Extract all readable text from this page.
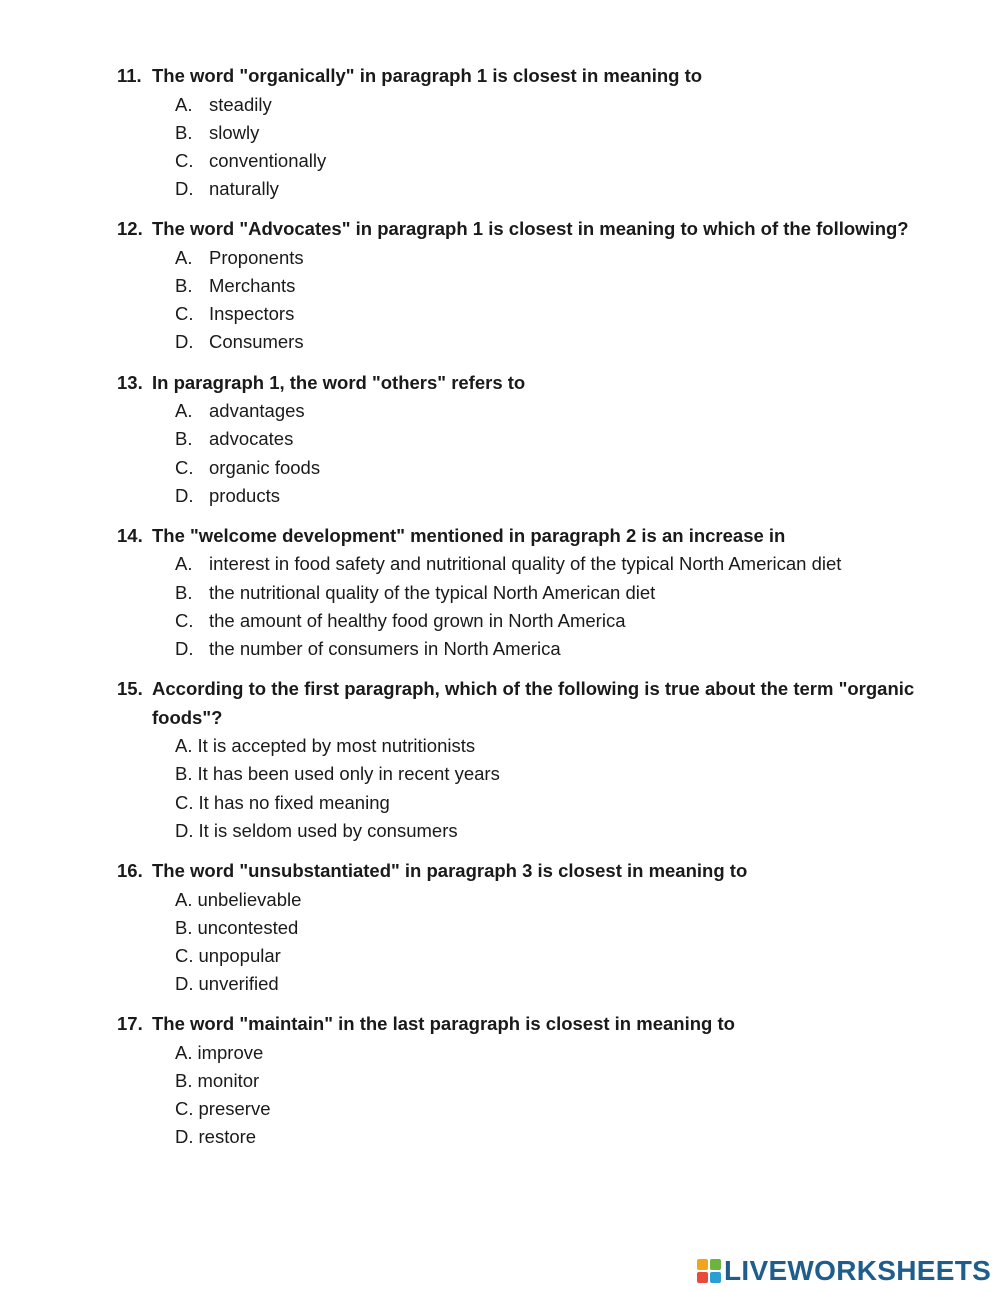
11. The word "organically" in paragraph 1 is closest in meaning to
A. steadily
B. slowly
C. conventionally
D. naturally
12. The word "Advocates" in paragraph 1 is closest in meaning to which of the following?
A. Proponents
B. Merchants
C. Inspectors
D. Consumers
13. In paragraph 1, the word "others" refers to
A. advantages
B. advocates
C. organic foods
D. products
14. The "welcome development" mentioned in paragraph 2 is an increase in
A. interest in food safety and nutritional quality of the typical North American diet
B. the nutritional quality of the typical North American diet
C. the amount of healthy food grown in North America
D. the number of consumers in North America
15. According to the first paragraph, which of the following is true about the term "organic foods"?
A. It is accepted by most nutritionists
B. It has been used only in recent years
C. It has no fixed meaning
D. It is seldom used by consumers
16. The word "unsubstantiated" in paragraph 3 is closest in meaning to
A. unbelievable
B. uncontested
C. unpopular
D. unverified
17. The word "maintain" in the last paragraph is closest in meaning to
A. improve
B. monitor
C. preserve
D. restore
LIVEWORKSHEETS
